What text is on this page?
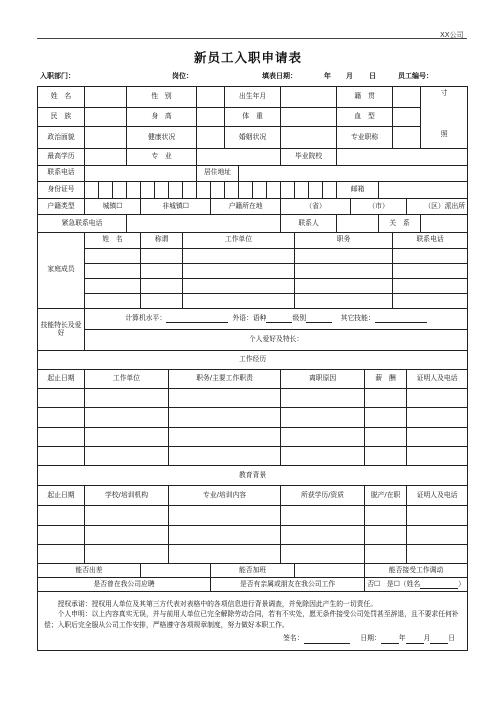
XX公司
新员工入职申请表
入职部门：	岗位：	填表日期：	年 月 日	员工编号：
姓　名				性　别							出生年月								籍　贯						寸
照

民　族				身　高							体　重								血　型						
政治面貌				健康状况							婚姻状况								专业职称						
最高学历				专　业											毕业院校										
联系电话									居住地址																
身份证号																			邮箱						
户籍类型	城镇☐				非城镇☐					户籍所在地					（省）					（市）				（区）派出所	
紧急联系电话															联系人							关　系			
家庭成员	姓　名				称谓			工作单位								职务							联系电话		

技能特长及爱好	计算机水平： 外语：语种 级别 其它技能：																								
	个人爱好及特长：																								
工作经历																									
起止日期	工作单位						职务/主要工作职责								离职原因						薪　酬			证明人及电话	

教育背景																									
起止日期	学校/培训机构						专业/培训内容								所获学历/资质						脱产/在职			证明人及电话	

能否出差										能否加班											能否接受工作调动				
是否曾在我公司应聘										是否有亲属或朋友在我公司工作											否☐　是☐（姓名 ）				

授权承诺：授权用人单位及其第三方代表对表格中的各项信息进行背景调查，并免除因此产生的一切责任。
个人申明：以上内容真实无误，并与前用人单位已完全解除劳动合同，若有不实处，愿无条件接受公司处罚甚至辞退，且不要求任何补偿；入职后完全服从公司工作安排，严格遵守各项规章制度，努力做好本职工作。
签名： 日期： 年 月 日																									
